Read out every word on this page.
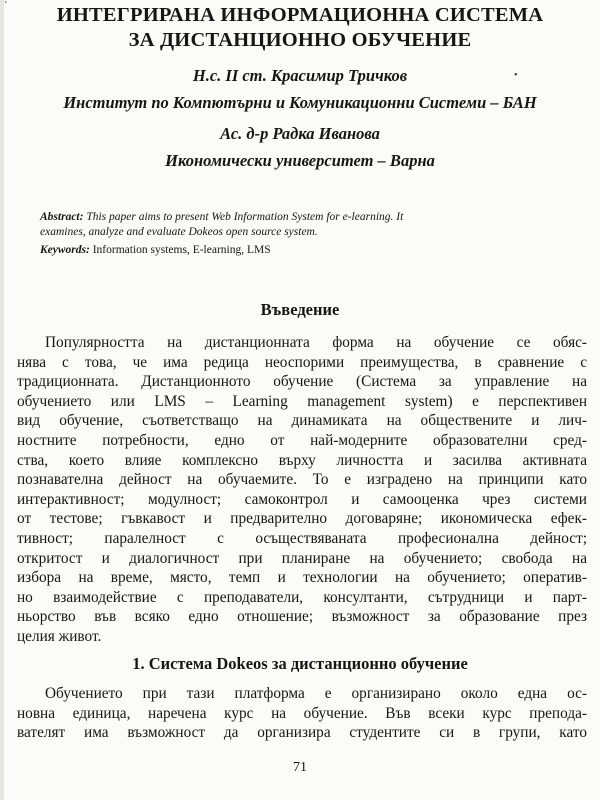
'
•
ИНТЕГРИРАНА ИНФОРМАЦИОННА СИСТЕМА
ЗА ДИСТАНЦИОННО ОБУЧЕНИЕ
Н.с. II ст. Красимир Тричков
Институт по Компютърни и Комуникационни Системи – БАН
Ас. д-р Радка Иванова
Икономически университет – Варна
Abstract: This paper aims to present Web Information System for e-learning. It
examines, analyze and evaluate Dokeos open source system.
Keywords: Information systems, E-learning, LMS
Въведение
Популярността на дистанционната форма на обучение се обяс-
нява с това, че има редица неоспорими преимущества, в сравнение с
традиционната. Дистанционното обучение (Система за управление на
обучението или LMS – Learning management system) е перспективен
вид обучение, съответстващо на динамиката на обществените и лич-
ностните потребности, едно от най-модерните образователни сред-
ства, което влияе комплексно върху личността и засилва активната
познавателна дейност на обучаемите. То е изградено на принципи като
интерактивност; модулност; самоконтрол и самооценка чрез системи
от тестове; гъвкавост и предварително договаряне; икономическа ефек-
тивност; паралелност с осъществяваната професионална дейност;
откритост и диалогичност при планиране на обучението; свобода на
избора на време, място, темп и технологии на обучението; оператив-
но взаимодействие с преподаватели, консултанти, сътрудници и парт-
ньорство във всяко едно отношение; възможност за образование през
целия живот.
1. Система Dokeos за дистанционно обучение
Обучението при тази платформа е организирано около една ос-
новна единица, наречена курс на обучение. Във всеки курс препода-
вателят има възможност да организира студентите си в групи, като
71
